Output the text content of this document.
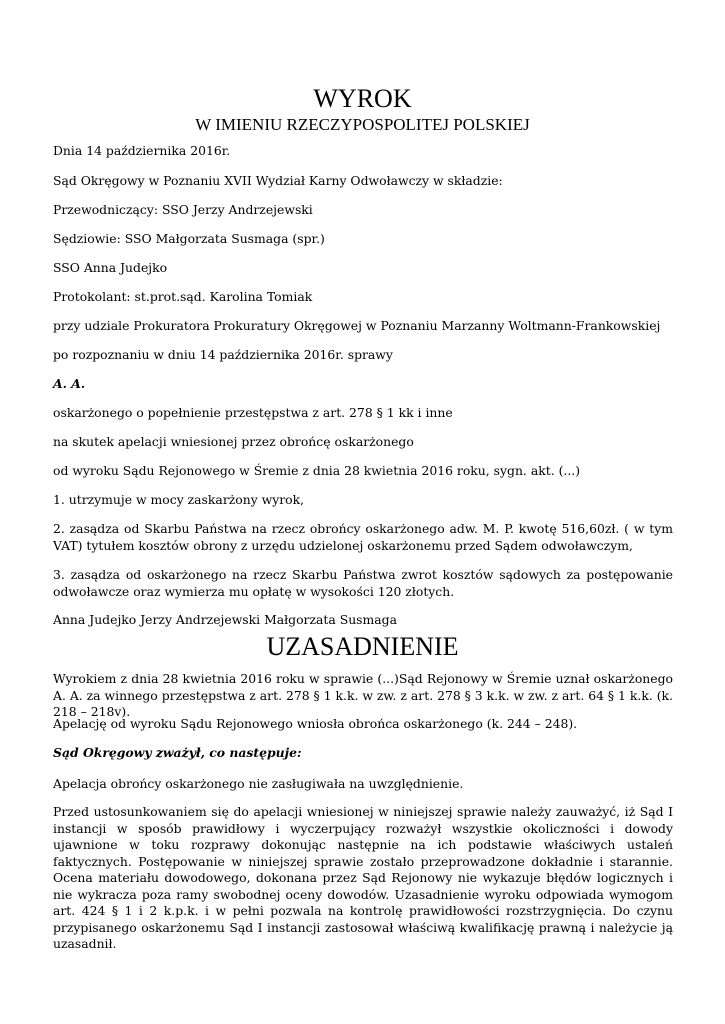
WYROK
W IMIENIU RZECZYPOSPOLITEJ POLSKIEJ
Dnia 14 października 2016r.
Sąd Okręgowy w Poznaniu XVII Wydział Karny Odwoławczy w składzie:
Przewodniczący: SSO Jerzy Andrzejewski
Sędziowie: SSO Małgorzata Susmaga (spr.)
SSO Anna Judejko
Protokolant: st.prot.sąd. Karolina Tomiak
przy udziale Prokuratora Prokuratury Okręgowej w Poznaniu Marzanny Woltmann-Frankowskiej
po rozpoznaniu w dniu 14 października 2016r. sprawy
A. A.
oskarżonego o popełnienie przestępstwa z art. 278 § 1 kk i inne
na skutek apelacji wniesionej przez obrońcę oskarżonego
od wyroku Sądu Rejonowego w Śremie z dnia 28 kwietnia 2016 roku, sygn. akt. (...)
1. utrzymuje w mocy zaskarżony wyrok,
2. zasądza od Skarbu Państwa na rzecz obrońcy oskarżonego adw. M. P. kwotę 516,60zł. ( w tym VAT) tytułem kosztów obrony z urzędu udzielonej oskarżonemu przed Sądem odwoławczym,
3. zasądza od oskarżonego na rzecz Skarbu Państwa zwrot kosztów sądowych za postępowanie odwoławcze oraz wymierza mu opłatę w wysokości 120 złotych.
Anna Judejko Jerzy Andrzejewski Małgorzata Susmaga
UZASADNIENIE
Wyrokiem z dnia 28 kwietnia 2016 roku w sprawie (...)Sąd Rejonowy w Śremie uznał oskarżonego A. A. za winnego przestępstwa z art. 278 § 1 k.k. w zw. z art. 278 § 3 k.k. w zw. z art. 64 § 1 k.k. (k. 218 – 218v).
Apelację od wyroku Sądu Rejonowego wniosła obrońca oskarżonego (k. 244 – 248).
Sąd Okręgowy zważył, co następuje:
Apelacja obrońcy oskarżonego nie zasługiwała na uwzględnienie.
Przed ustosunkowaniem się do apelacji wniesionej w niniejszej sprawie należy zauważyć, iż Sąd I instancji w sposób prawidłowy i wyczerpujący rozważył wszystkie okoliczności i dowody ujawnione w toku rozprawy dokonując następnie na ich podstawie właściwych ustaleń faktycznych. Postępowanie w niniejszej sprawie zostało przeprowadzone dokładnie i starannie. Ocena materiału dowodowego, dokonana przez Sąd Rejonowy nie wykazuje błędów logicznych i nie wykracza poza ramy swobodnej oceny dowodów. Uzasadnienie wyroku odpowiada wymogom art. 424 § 1 i 2 k.p.k. i w pełni pozwala na kontrolę prawidłowości rozstrzygnięcia. Do czynu przypisanego oskarżonemu Sąd I instancji zastosował właściwą kwalifikację prawną i należycie ją uzasadnił.
